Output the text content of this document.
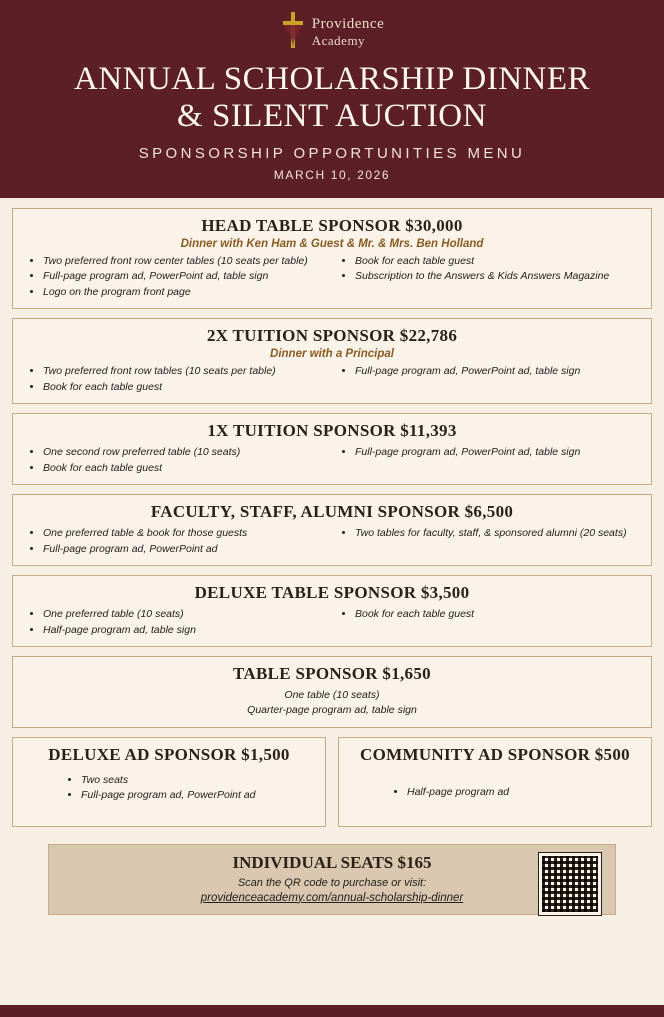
Providence
Academy
ANNUAL SCHOLARSHIP DINNER
& SILENT AUCTION
SPONSORSHIP OPPORTUNITIES MENU
MARCH 10, 2026
HEAD TABLE SPONSOR $30,000
Dinner with Ken Ham & Guest & Mr. & Mrs. Ben Holland
• Two preferred front row center tables (10 seats per table)
• Full-page program ad, PowerPoint ad, table sign
• Logo on the program front page
• Book for each table guest
• Subscription to the Answers & Kids Answers Magazine
2X TUITION SPONSOR $22,786
Dinner with a Principal
• Two preferred front row tables (10 seats per table)
• Book for each table guest
• Full-page program ad, PowerPoint ad, table sign
1X TUITION SPONSOR $11,393
• One second row preferred table (10 seats)
• Book for each table guest
• Full-page program ad, PowerPoint ad, table sign
FACULTY, STAFF, ALUMNI SPONSOR $6,500
• One preferred table & book for those guests
• Full-page program ad, PowerPoint ad
• Two tables for faculty, staff, & sponsored alumni (20 seats)
DELUXE TABLE SPONSOR $3,500
• One preferred table (10 seats)
• Half-page program ad, table sign
• Book for each table guest
TABLE SPONSOR $1,650
One table (10 seats)
Quarter-page program ad, table sign
DELUXE AD SPONSOR $1,500
• Two seats
• Full-page program ad, PowerPoint ad
COMMUNITY AD SPONSOR $500
• Half-page program ad
INDIVIDUAL SEATS $165
Scan the QR code to purchase or visit:
providenceacademy.com/annual-scholarship-dinner
